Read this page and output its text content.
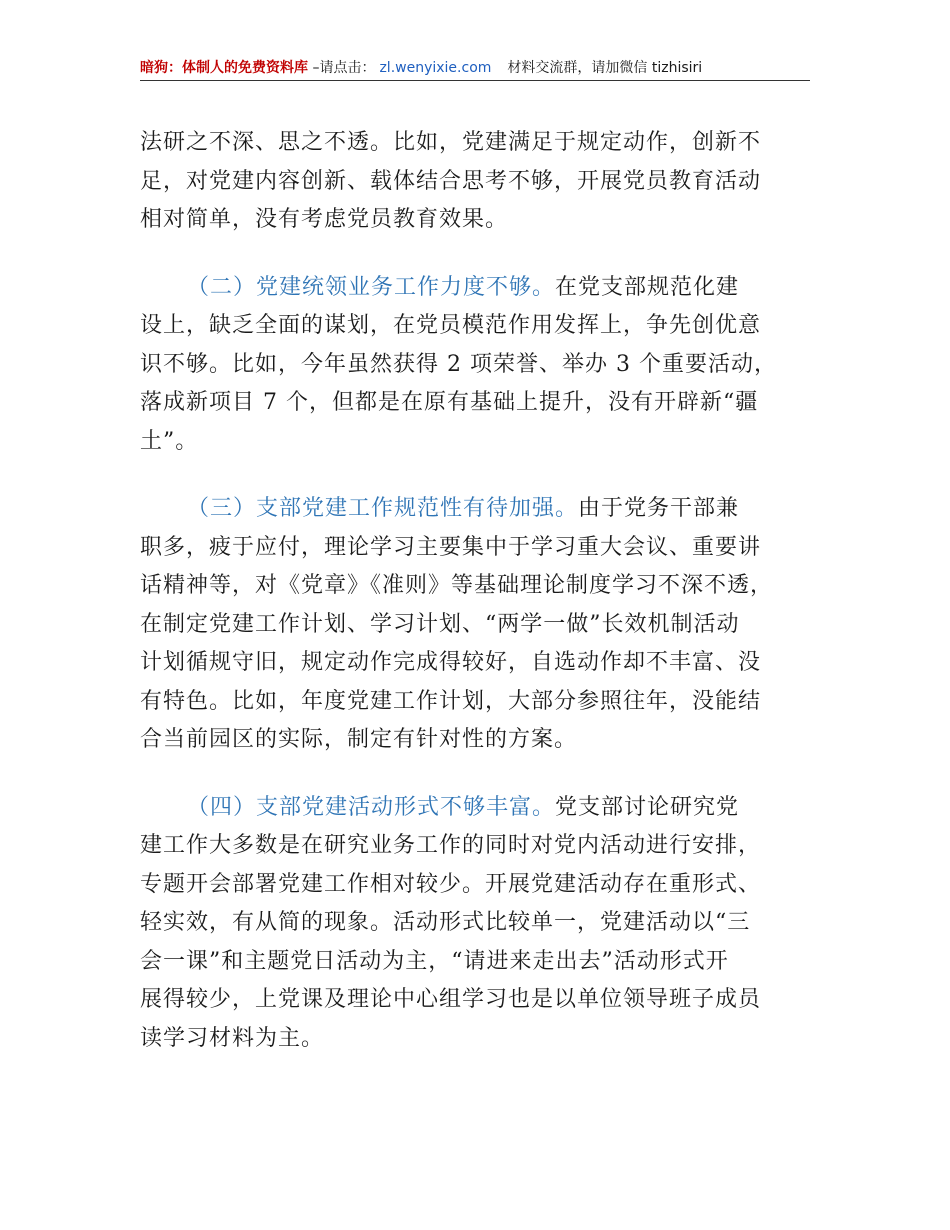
暗狗：体制人的免费资料库 –请点击： zl.wenyixie.com 材料交流群，请加微信 tizhisiri

法研之不深、思之不透。比如，党建满足于规定动作，创新不
足，对党建内容创新、载体结合思考不够，开展党员教育活动
相对简单，没有考虑党员教育效果。

（二）党建统领业务工作力度不够。在党支部规范化建
设上，缺乏全面的谋划，在党员模范作用发挥上，争先创优意
识不够。比如，今年虽然获得 2 项荣誉、举办 3 个重要活动，
落成新项目 7 个，但都是在原有基础上提升，没有开辟新“疆
土”。

（三）支部党建工作规范性有待加强。由于党务干部兼
职多，疲于应付，理论学习主要集中于学习重大会议、重要讲
话精神等，对《党章》《准则》等基础理论制度学习不深不透，
在制定党建工作计划、学习计划、“两学一做”长效机制活动
计划循规守旧，规定动作完成得较好，自选动作却不丰富、没
有特色。比如，年度党建工作计划，大部分参照往年，没能结
合当前园区的实际，制定有针对性的方案。

（四）支部党建活动形式不够丰富。党支部讨论研究党
建工作大多数是在研究业务工作的同时对党内活动进行安排，
专题开会部署党建工作相对较少。开展党建活动存在重形式、
轻实效，有从简的现象。活动形式比较单一，党建活动以“三
会一课”和主题党日活动为主，“请进来走出去”活动形式开
展得较少，上党课及理论中心组学习也是以单位领导班子成员
读学习材料为主。
